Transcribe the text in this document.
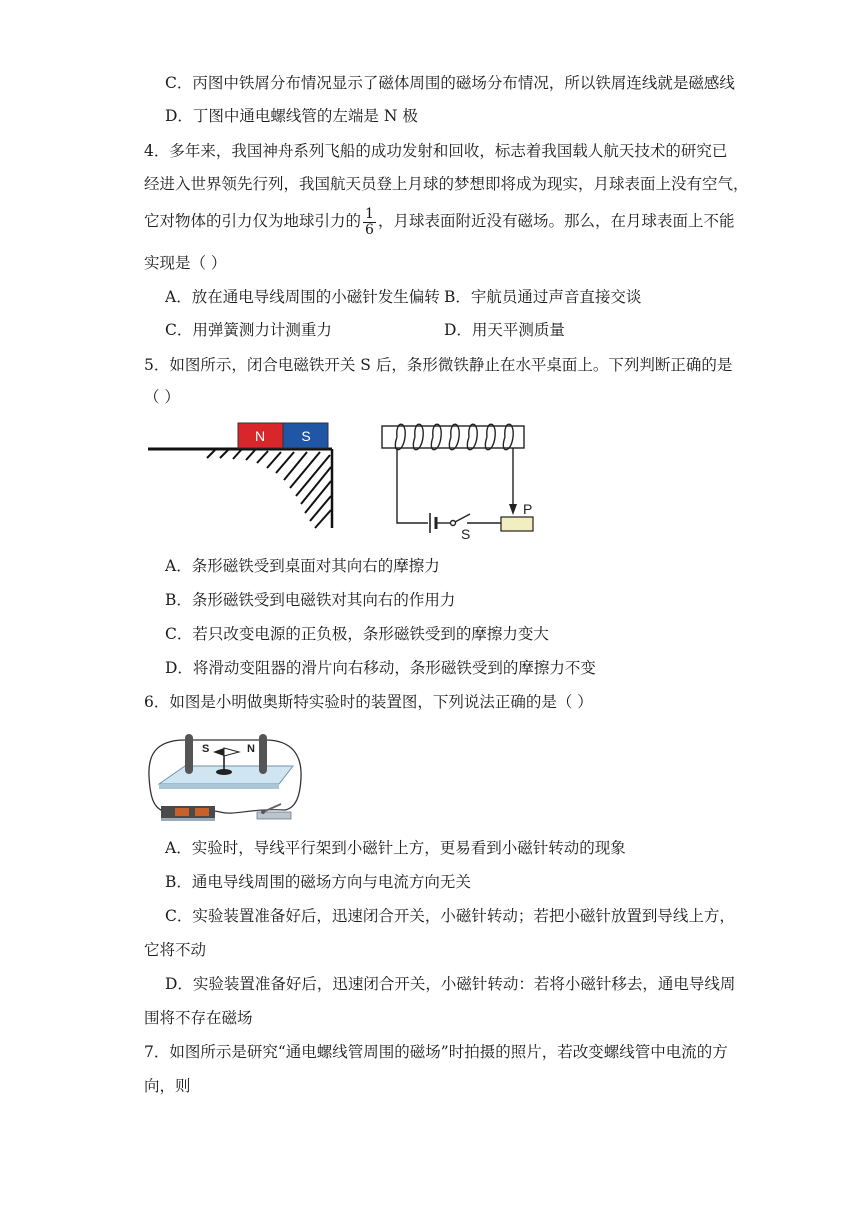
C．丙图中铁屑分布情况显示了磁体周围的磁场分布情况，所以铁屑连线就是磁感线
D．丁图中通电螺线管的左端是 N 极
4．多年来，我国神舟系列飞船的成功发射和回收，标志着我国载人航天技术的研究已
经进入世界领先行列，我国航天员登上月球的梦想即将成为现实，月球表面上没有空气，
它对物体的引力仅为地球引力的 $\frac{1}{6}$ ，月球表面附近没有磁场。那么，在月球表面上不能
实现是（ ）
A．放在通电导线周围的小磁针发生偏转 B．宇航员通过声音直接交谈
C．用弹簧测力计测重力	D．用天平测质量
5．如图所示，闭合电磁铁开关 S 后，条形微铁静止在水平桌面上。下列判断正确的是
（ ）
N	S
S
P
A．条形磁铁受到桌面对其向右的摩擦力
B．条形磁铁受到电磁铁对其向右的作用力
C．若只改变电源的正负极，条形磁铁受到的摩擦力变大
D．将滑动变阻器的滑片向右移动，条形磁铁受到的摩擦力不变
6．如图是小明做奥斯特实验时的装置图，下列说法正确的是（ ）
S	N
A．实验时，导线平行架到小磁针上方，更易看到小磁针转动的现象
B．通电导线周围的磁场方向与电流方向无关
C．实验装置准备好后，迅速闭合开关，小磁针转动；若把小磁针放置到导线上方，
它将不动
D．实验装置准备好后，迅速闭合开关，小磁针转动：若将小磁针移去，通电导线周
围将不存在磁场
7．如图所示是研究“通电螺线管周围的磁场”时拍摄的照片，若改变螺线管中电流的方
向，则
